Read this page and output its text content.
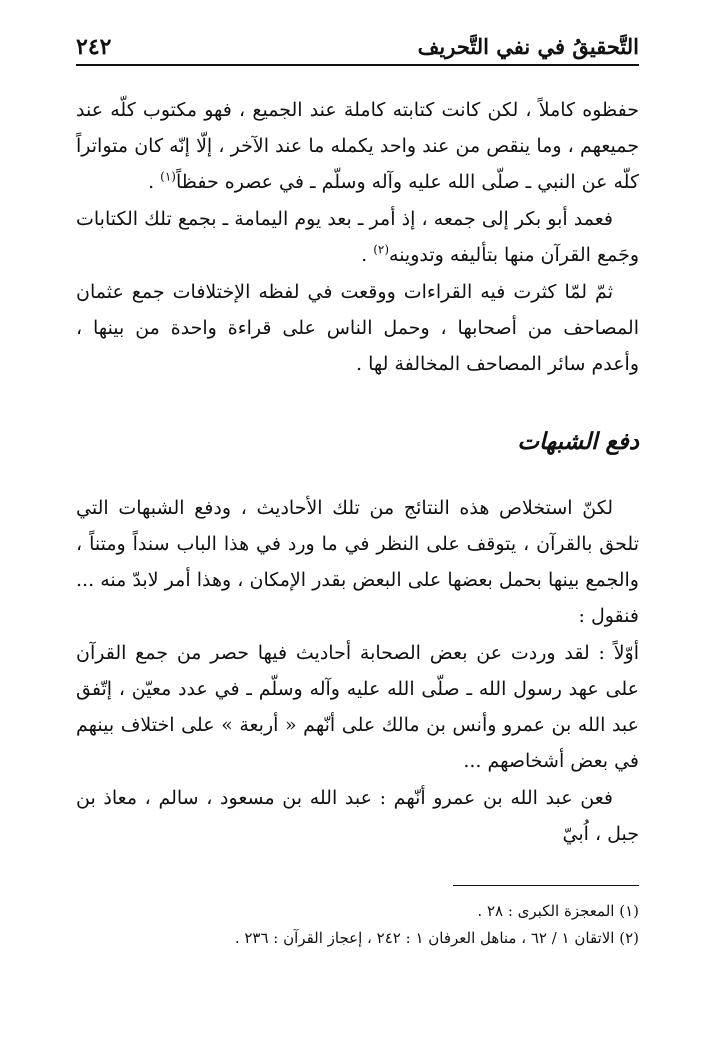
التَّحقيقُ في نفي التَّحريف
٢٤٢

حفظوه كاملاً ، لكن كانت كتابته كاملة عند الجميع ، فهو مكتوب كلّه عند جميعهم ، وما ينقص من عند واحد يكمله ما عند الآخر ، إلّا إنّه كان متواتراً كلّه عن النبي ـ صلّى الله عليه وآله وسلّم ـ في عصره حفظاً$^{(١)}$ .

فعمد أبو بكر إلى جمعه ، إذ أمر ـ بعد يوم اليمامة ـ بجمع تلك الكتابات وجَمع القرآن منها بتأليفه وتدوينه$^{(٢)}$ .

ثمّ لمّا كثرت فيه القراءات ووقعت في لفظه الإختلافات جمع عثمان المصاحف من أصحابها ، وحمل الناس على قراءة واحدة من بينها ، وأعدم سائر المصاحف المخالفة لها .

دفع الشبهات

لكنّ استخلاص هذه النتائج من تلك الأحاديث ، ودفع الشبهات التي تلحق بالقرآن ، يتوقف على النظر في ما ورد في هذا الباب سنداً ومتناً ، والجمع بينها بحمل بعضها على البعض بقدر الإمكان ، وهذا أمر لابدّ منه ... فنقول :

أوّلاً : لقد وردت عن بعض الصحابة أحاديث فيها حصر من جمع القرآن على عهد رسول الله ـ صلّى الله عليه وآله وسلّم ـ في عدد معيّن ، إتّفق عبد الله بن عمرو وأنس بن مالك على أنّهم « أربعة » على اختلاف بينهم في بعض أشخاصهم ...

فعن عبد الله بن عمرو أنّهم : عبد الله بن مسعود ، سالم ، معاذ بن جبل ، اُبيّ

(١) المعجزة الكبرى : ٢٨ .

(٢) الاتقان ١ / ٦٢ ، مناهل العرفان ١ : ٢٤٢ ، إعجاز القرآن : ٢٣٦ .
